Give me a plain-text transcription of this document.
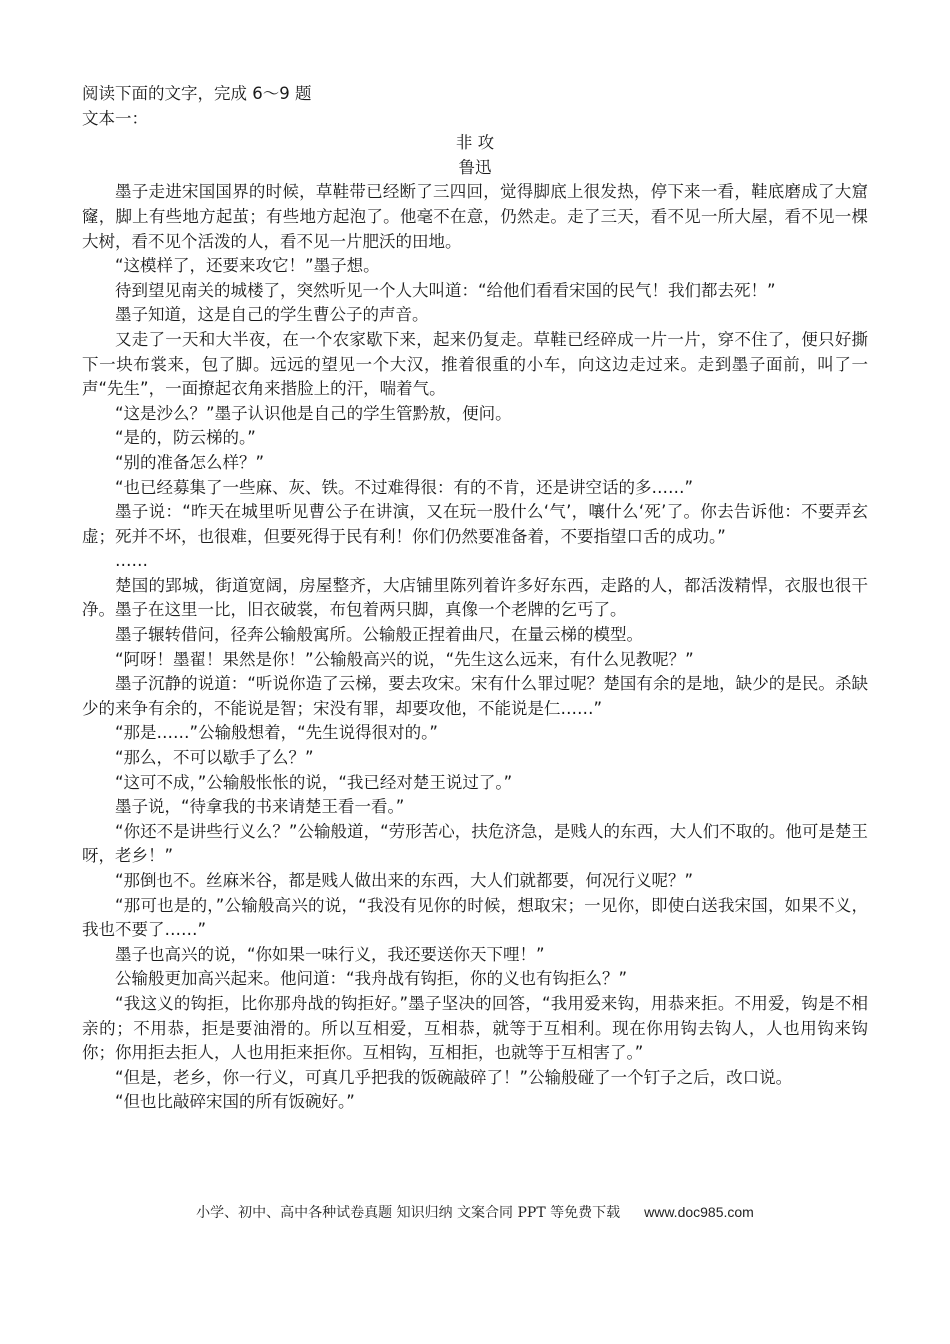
阅读下面的文字，完成 6～9 题
文本一：
非 攻
鲁迅

墨子走进宋国国界的时候，草鞋带已经断了三四回，觉得脚底上很发热，停下来一看，鞋底磨成了大窟窿，脚上有些地方起茧；有些地方起泡了。他毫不在意，仍然走。走了三天，看不见一所大屋，看不见一棵大树，看不见个活泼的人，看不见一片肥沃的田地。

“这模样了，还要来攻它！”墨子想。

待到望见南关的城楼了，突然听见一个人大叫道：“给他们看看宋国的民气！我们都去死！”

墨子知道，这是自己的学生曹公子的声音。

又走了一天和大半夜，在一个农家歇下来，起来仍复走。草鞋已经碎成一片一片，穿不住了，便只好撕下一块布裳来，包了脚。远远的望见一个大汉，推着很重的小车，向这边走过来。走到墨子面前，叫了一声“先生”，一面撩起衣角来揩脸上的汗，喘着气。

“这是沙么？”墨子认识他是自己的学生管黔敖，便问。

“是的，防云梯的。”

“别的准备怎么样？”

“也已经募集了一些麻、灰、铁。不过难得很：有的不肯，还是讲空话的多……”

墨子说：“昨天在城里听见曹公子在讲演，又在玩一股什么‘气’，嚷什么‘死’了。你去告诉他：不要弄玄虚；死并不坏，也很难，但要死得于民有利！你们仍然要准备着，不要指望口舌的成功。”

……

楚国的郢城，街道宽阔，房屋整齐，大店铺里陈列着许多好东西，走路的人，都活泼精悍，衣服也很干净。墨子在这里一比，旧衣破裳，布包着两只脚，真像一个老牌的乞丐了。

墨子辗转借问，径奔公输般寓所。公输般正捏着曲尺，在量云梯的模型。

“阿呀！墨翟！果然是你！”公输般高兴的说，“先生这么远来，有什么见教呢？”

墨子沉静的说道：“听说你造了云梯，要去攻宋。宋有什么罪过呢？楚国有余的是地，缺少的是民。杀缺少的来争有余的，不能说是智；宋没有罪，却要攻他，不能说是仁……”

“那是……”公输般想着，“先生说得很对的。”

“那么，不可以歇手了么？”

“这可不成，”公输般怅怅的说，“我已经对楚王说过了。”

墨子说，“待拿我的书来请楚王看一看。”

“你还不是讲些行义么？”公输般道，“劳形苦心，扶危济急，是贱人的东西，大人们不取的。他可是楚王呀，老乡！”

“那倒也不。丝麻米谷，都是贱人做出来的东西，大人们就都要，何况行义呢？”

“那可也是的，”公输般高兴的说，“我没有见你的时候，想取宋；一见你，即使白送我宋国，如果不义，我也不要了……”

墨子也高兴的说，“你如果一味行义，我还要送你天下哩！”

公输般更加高兴起来。他问道：“我舟战有钩拒，你的义也有钩拒么？”

“我这义的钩拒，比你那舟战的钩拒好。”墨子坚决的回答，“我用爱来钩，用恭来拒。不用爱，钩是不相亲的；不用恭，拒是要油滑的。所以互相爱，互相恭，就等于互相利。现在你用钩去钩人，人也用钩来钩你；你用拒去拒人，人也用拒来拒你。互相钩，互相拒，也就等于互相害了。”

“但是，老乡，你一行义，可真几乎把我的饭碗敲碎了！”公输般碰了一个钉子之后，改口说。

“但也比敲碎宋国的所有饭碗好。”

小学、初中、高中各种试卷真题 知识归纳 文案合同 PPT 等免费下载 www.doc985.com
